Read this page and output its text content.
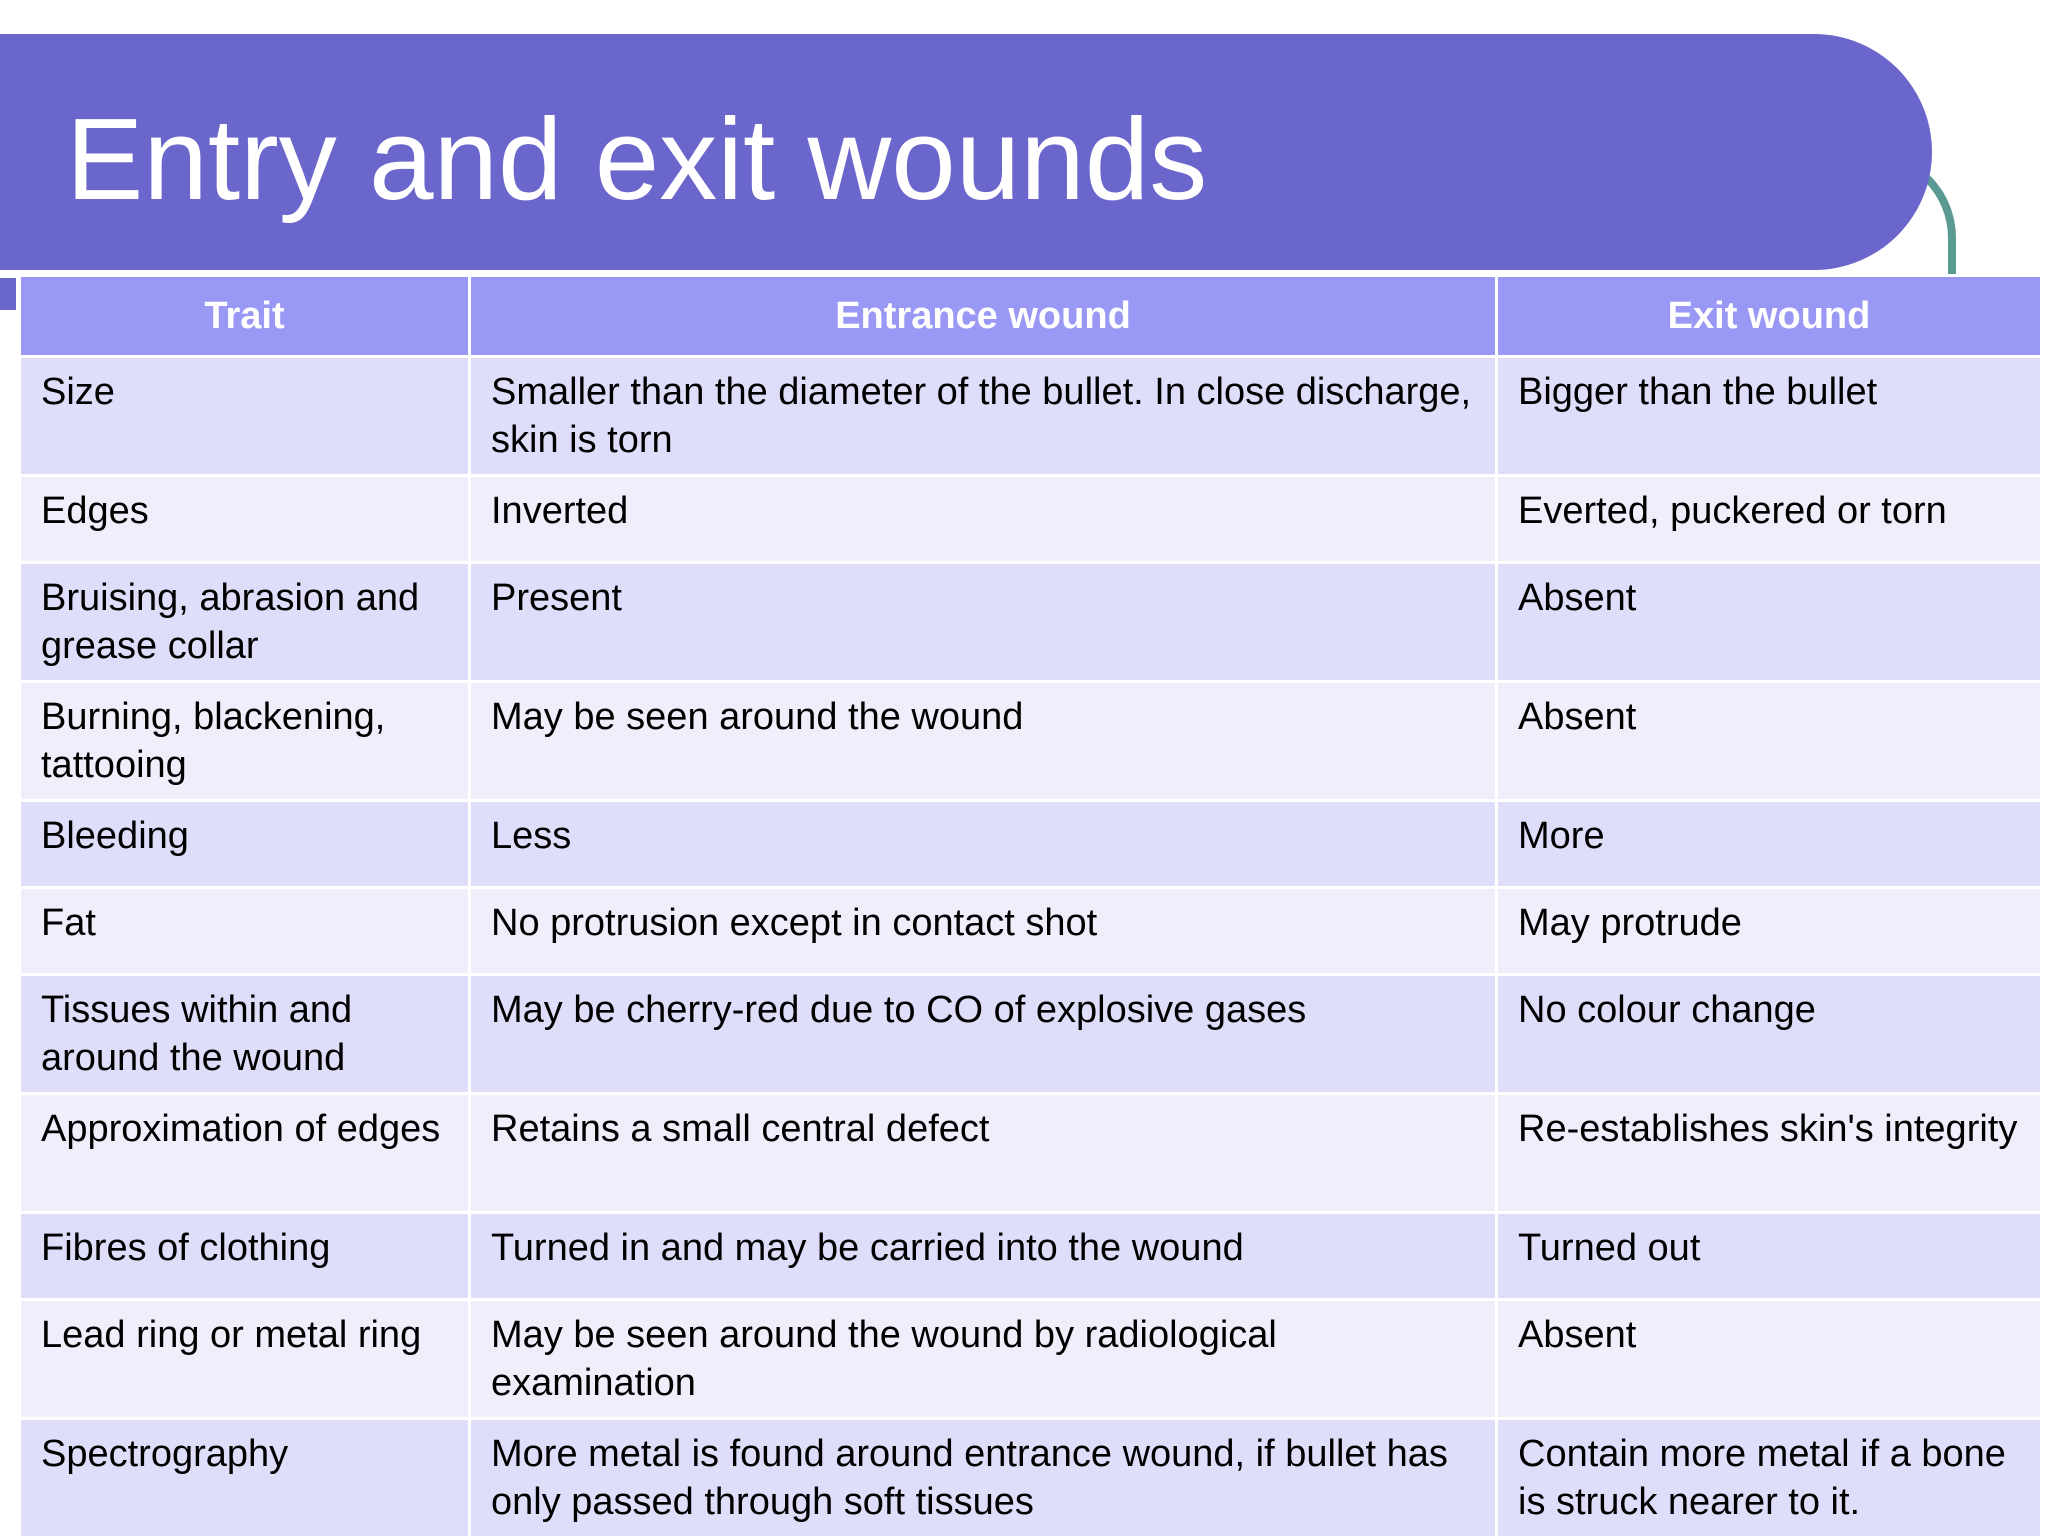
Entry and exit wounds
Trait	Entrance wound	Exit wound
Size	Smaller than the diameter of the bullet. In close discharge, skin is torn	Bigger than the bullet
Edges	Inverted	Everted, puckered or torn
Bruising, abrasion and grease collar	Present	Absent
Burning, blackening, tattooing	May be seen around the wound	Absent
Bleeding	Less	More
Fat	No protrusion except in contact shot	May protrude
Tissues within and around the wound	May be cherry-red due to CO of explosive gases	No colour change
Approximation of edges	Retains a small central defect	Re-establishes skin's integrity
Fibres of clothing	Turned in and may be carried into the wound	Turned out
Lead ring or metal ring	May be seen around the wound by radiological examination	Absent
Spectrography	More metal is found around entrance wound, if bullet has only passed through soft tissues	Contain more metal if a bone is struck nearer to it.
